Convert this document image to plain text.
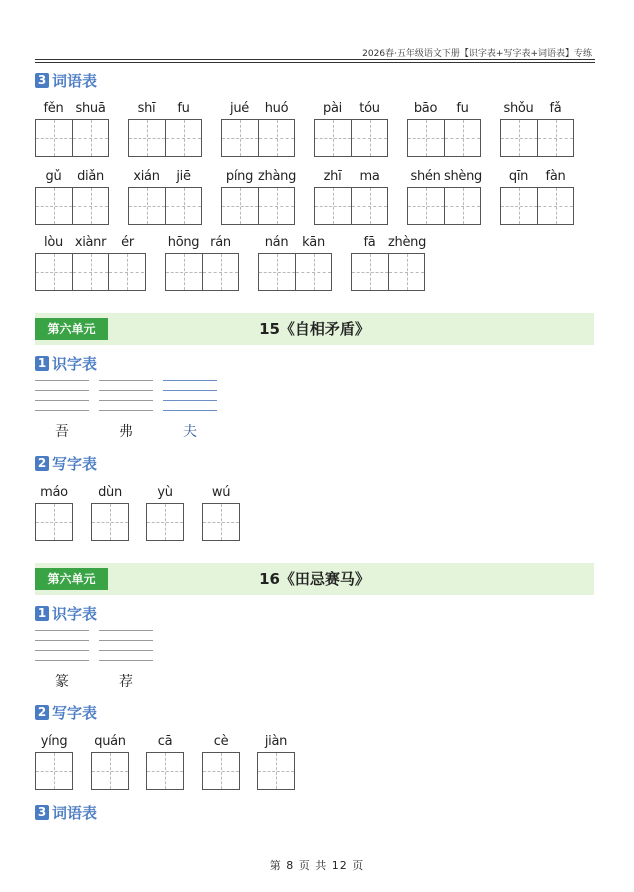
2026春·五年级语文下册【识字表+写字表+词语表】专练
3 词语表
fěn shuā	shī	fu	jué	huó	pài	tóu	bāo	fu	shǒu	fǎ
gǔ	diǎn	xián	jiē	píng zhàng	zhī	ma	shén shèng	qīn	fàn
lòu xiànr	ér	hōng rán	nán	kān	fā zhèng
15《自相矛盾》
第六单元
1 识字表
吾	弗	夫
2 写字表
máo	dùn	yù	wú
16《田忌赛马》
第六单元
1 识字表
篆	荐
2 写字表
yíng	quán	cā	cè	jiàn
3 词语表
第 8 页 共 12 页
